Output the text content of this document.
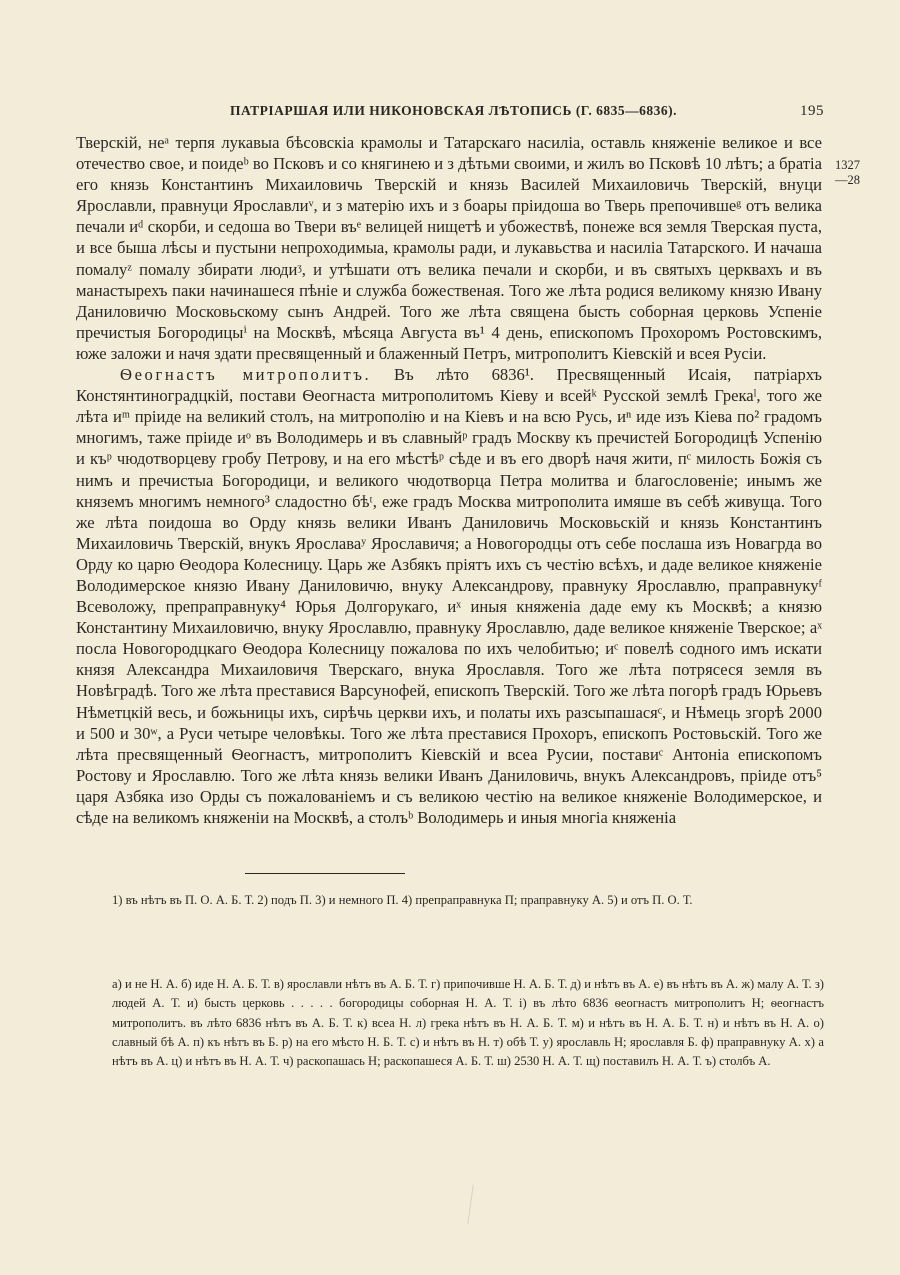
ПАТРІАРШАЯ ИЛИ НИКОНОВСКАЯ ЛѢТОПИСЬ (Г. 6835—6836).	195
1327
—28

Тверскій, неᵃ терпя лукавыа бѣсовскіа крамолы и Татарскаго насиліа, оставль княженіе великое и все отечество свое, и поидеᵇ во Псковъ и со княгинею и з дѣтьми своими, и жилъ во Псковѣ 10 лѣтъ; а братіа его князь Константинъ Михаиловичь Тверскій и князь Василей Михаиловичь Тверскій, внуци Ярославли, правнуци Ярославлиᵛ, и з матерію ихъ и з боары пріидоша во Тверь препочившеᵍ отъ велика печали иᵈ скорби, и седоша во Твери въᵉ велицей нищетѣ и убожествѣ, понеже вся земля Тверская пуста, и все быша лѣсы и пустыни непроходимыа, крамолы ради, и лукавьства и насиліа Татарского. И начаша помалуᶻ помалу збирати людиᶾ, и утѣшати отъ велика печали и скорби, и въ святыхъ церквахъ и въ манастырехъ паки начинашеся пѣніе и служба божественая. Того же лѣта родися великому князю Ивану Даниловичю Московьскому сынъ Андрей. Того же лѣта священа бысть соборная церковь Успеніе пречистыя Богородицыⁱ на Москвѣ, мѣсяца Августа въ¹ 4 день, епископомъ Прохоромъ Ростовскимъ, юже заложи и начя здати пресвященный и блаженный Петръ, митрополитъ Кіевскій и всея Русіи.

Ѳеогнастъ митрополитъ. Въ лѣто 6836¹. Пресвященный Исаія, патріархъ Констянтиноградцкій, постави Ѳеогнаста митрополитомъ Кіеву и всейᵏ Русской землѣ Грекаˡ, того же лѣта иᵐ пріиде на великий столъ, на митрополію и на Кіевъ и на всю Русь, иⁿ иде изъ Кіева по² градомъ многимъ, таже пріиде иᵒ въ Володимерь и въ славныйᵖ градъ Москву къ пречистей Богородицѣ Успенію и къᵖ чюдотворцеву гробу Петрову, и на его мѣстѣᵖ сѣде и въ его дворѣ начя жити, пᶜ милость Божія съ нимъ и пречистыа Богородици, и великого чюдотворца Петра молитва и благословеніе; инымъ же княземъ многимъ немного³ сладостно бѣᵗ, еже градъ Москва митрополита имяше въ себѣ живуща. Того же лѣта поидоша во Орду князь велики Иванъ Даниловичь Московьскій и князь Константинъ Михаиловичь Тверскій, внукъ Ярославаʸ Ярославичя; а Новогородцы отъ себе послаша изъ Новагрдa во Орду ко царю Ѳеодора Колесницу. Царь же Азбякъ пріятъ ихъ съ честію всѣхъ, и даде великое княженіе Володимерское князю Ивану Даниловичю, внуку Александрову, правнуку Ярославлю, праправнукуᶠ Всеволожу, препраправнуку⁴ Юрья Долгорукаго, иˣ иныя княженіа даде ему къ Москвѣ; а князю Константину Михаиловичю, внуку Ярославлю, правнуку Ярославлю, даде великое княженіе Тверское; аˣ посла Новогородцкаго Ѳеодора Колесницу пожалова по ихъ челобитью; иᶜ повелѣ содного имъ искати князя Александра Михаиловичя Тверскаго, внука Ярославля. Того же лѣта потрясеся земля въ Новѣградѣ. Того же лѣта преставися Варсунофей, епископъ Тверскій. Того же лѣта погорѣ градъ Юрьевъ Нѣметцкій весь, и божьницы ихъ, сирѣчь церкви ихъ, и полаты ихъ разсыпашасяᶜ, и Нѣмець згорѣ 2000 и 500 и 30ʷ, а Руси четыре человѣкы. Того же лѣта преставися Прохоръ, епископъ Ростовьскій. Того же лѣта пресвященный Ѳеогнастъ, митрополитъ Кіевскій и всеа Русии, поставиᶜ Антоніа епископомъ Ростову и Ярославлю. Того же лѣта князь велики Иванъ Даниловичь, внукъ Александровъ, пріиде отъ⁵ царя Азбяка изо Орды съ пожалованіемъ и съ великою честію на великое княженіе Володимерское, и сѣде на великомъ княженіи на Москвѣ, а столъᵇ Володимерь и иныя многіа княженіа

1) въ нѣтъ въ П. О. А. Б. Т. 2) подъ П. 3) и немного П. 4) препраправнука П; праправнуку А. 5) и отъ П. О. Т.

а) и не Н. А. б) иде Н. А. Б. Т. в) ярославли нѣтъ въ А. Б. Т. г) припочивше Н. А. Б. Т. д) и нѣтъ въ А. е) въ нѣтъ въ А. ж) малу А. Т. з) людей А. Т. и) бысть церковь . . . . . богородицы соборная Н. А. Т. і) въ лѣто 6836 ѳеогнастъ митрополитъ Н; ѳеогнастъ митрополитъ. въ лѣто 6836 нѣтъ въ А. Б. Т. к) всеа Н. л) грека нѣтъ въ Н. А. Б. Т. м) и нѣтъ въ Н. А. Б. Т. н) и нѣтъ въ Н. А. о) славный бѣ А. п) къ нѣтъ въ Б. р) на его мѣсто Н. Б. Т. с) и нѣтъ въ Н. т) обѣ Т. у) ярославль Н; ярославля Б. ф) праправнуку А. х) а нѣтъ въ А. ц) и нѣтъ въ Н. А. Т. ч) раскопашась Н; раскопашеся А. Б. Т. ш) 2530 Н. А. Т. щ) поставилъ Н. А. Т. ъ) столбъ А.
